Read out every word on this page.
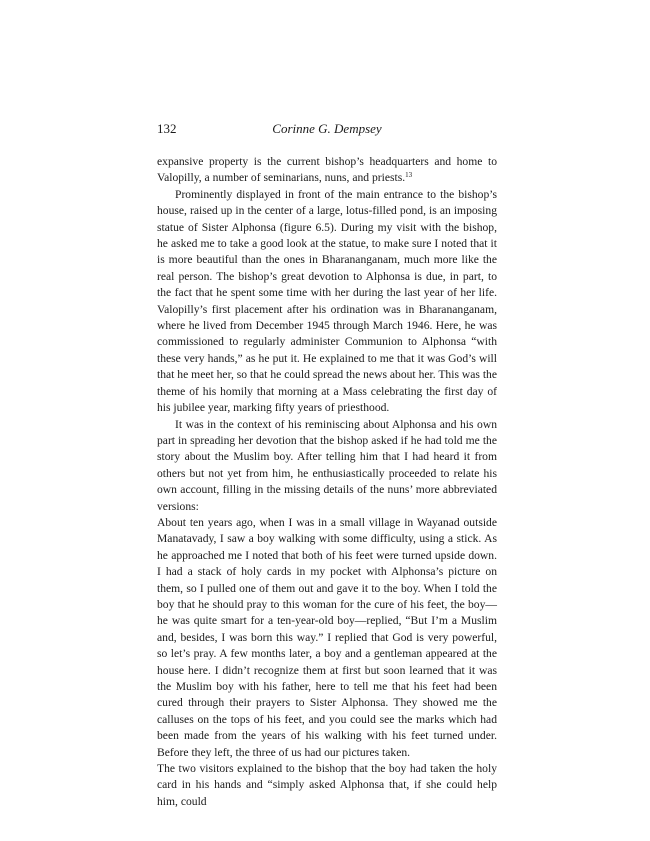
132	Corinne G. Dempsey

expansive property is the current bishop’s headquarters and home to Valopilly, a number of seminarians, nuns, and priests.$^{13}$

Prominently displayed in front of the main entrance to the bishop’s house, raised up in the center of a large, lotus-filled pond, is an imposing statue of Sister Alphonsa (figure 6.5). During my visit with the bishop, he asked me to take a good look at the statue, to make sure I noted that it is more beautiful than the ones in Bharananganam, much more like the real person. The bishop’s great devotion to Alphonsa is due, in part, to the fact that he spent some time with her during the last year of her life. Valopilly’s first placement after his ordination was in Bharananganam, where he lived from December 1945 through March 1946. Here, he was commissioned to regularly administer Communion to Alphonsa “with these very hands,” as he put it. He explained to me that it was God’s will that he meet her, so that he could spread the news about her. This was the theme of his homily that morning at a Mass celebrating the first day of his jubilee year, marking fifty years of priesthood.

It was in the context of his reminiscing about Alphonsa and his own part in spreading her devotion that the bishop asked if he had told me the story about the Muslim boy. After telling him that I had heard it from others but not yet from him, he enthusiastically proceeded to relate his own account, filling in the missing details of the nuns’ more abbreviated versions:

About ten years ago, when I was in a small village in Wayanad outside Manatavady, I saw a boy walking with some difficulty, using a stick. As he approached me I noted that both of his feet were turned upside down. I had a stack of holy cards in my pocket with Alphonsa’s picture on them, so I pulled one of them out and gave it to the boy. When I told the boy that he should pray to this woman for the cure of his feet, the boy—he was quite smart for a ten-year-old boy—replied, “But I’m a Muslim and, besides, I was born this way.” I replied that God is very powerful, so let’s pray. A few months later, a boy and a gentleman appeared at the house here. I didn’t recognize them at first but soon learned that it was the Muslim boy with his father, here to tell me that his feet had been cured through their prayers to Sister Alphonsa. They showed me the calluses on the tops of his feet, and you could see the marks which had been made from the years of his walking with his feet turned under. Before they left, the three of us had our pictures taken.

The two visitors explained to the bishop that the boy had taken the holy card in his hands and “simply asked Alphonsa that, if she could help him, could
